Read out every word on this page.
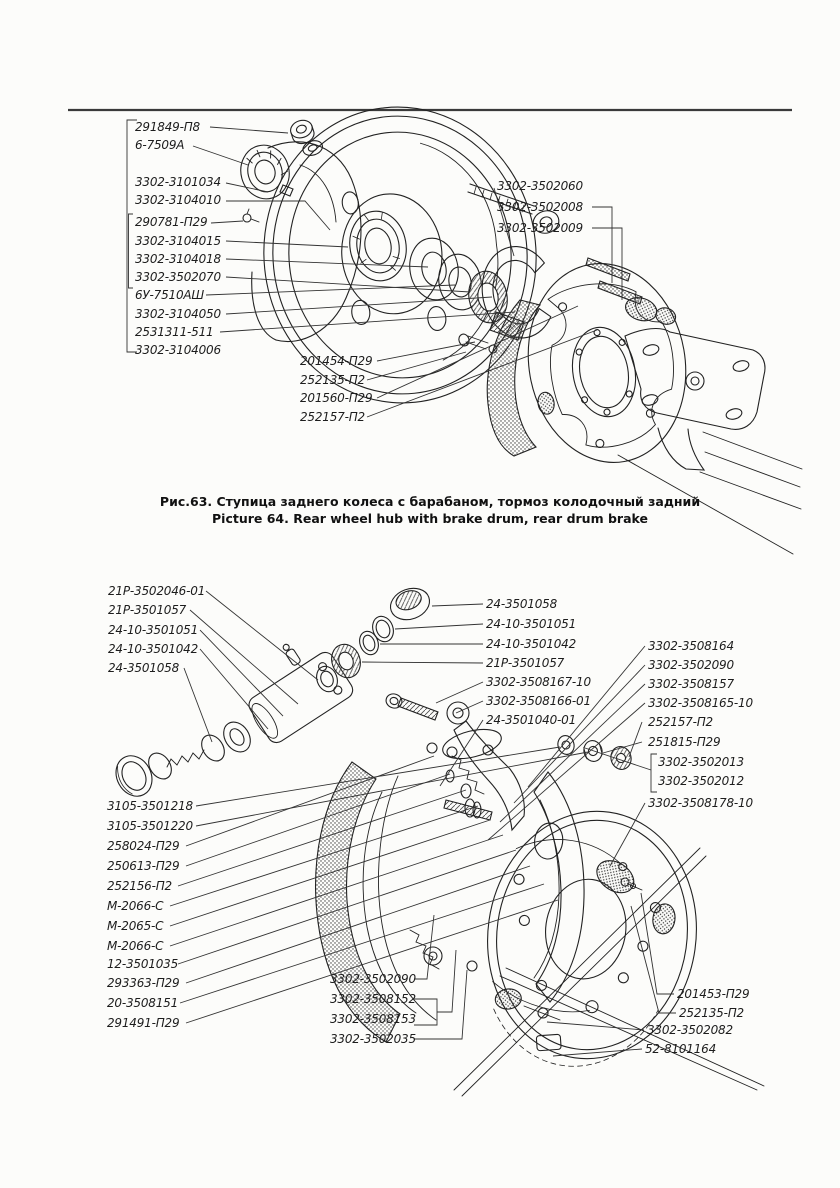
291849-П8
6-7509А
3302-3101034
3302-3104010
290781-П29
3302-3104015
3302-3104018
3302-3502070
6У-7510АШ
3302-3104050
2531311-511
3302-3104006
3302-3502060
3302-3502008
3302-3502009
201454-П29
252135-П2
201560-П29
252157-П2
Рис.63. Ступица заднего колеса с барабаном, тормоз колодочный задний
Picture 64. Rear wheel hub with brake drum, rear drum brake
21Р-3502046-01
21Р-3501057
24-10-3501051
24-10-3501042
24-3501058
24-3501058
24-10-3501051
24-10-3501042
21Р-3501057
3302-3508167-10
3302-3508166-01
24-3501040-01
3302-3508164
3302-3502090
3302-3508157
3302-3508165-10
252157-П2
251815-П29
3302-3502013
3302-3502012
3302-3508178-10
3105-3501218
3105-3501220
258024-П29
250613-П29
252156-П2
М-2066-С
М-2065-С
М-2066-С
12-3501035
293363-П29
20-3508151
291491-П29
3302-3502090
3302-3508152
3302-3508153
3302-3502035
201453-П29
252135-П2
3302-3502082
52-8101164
